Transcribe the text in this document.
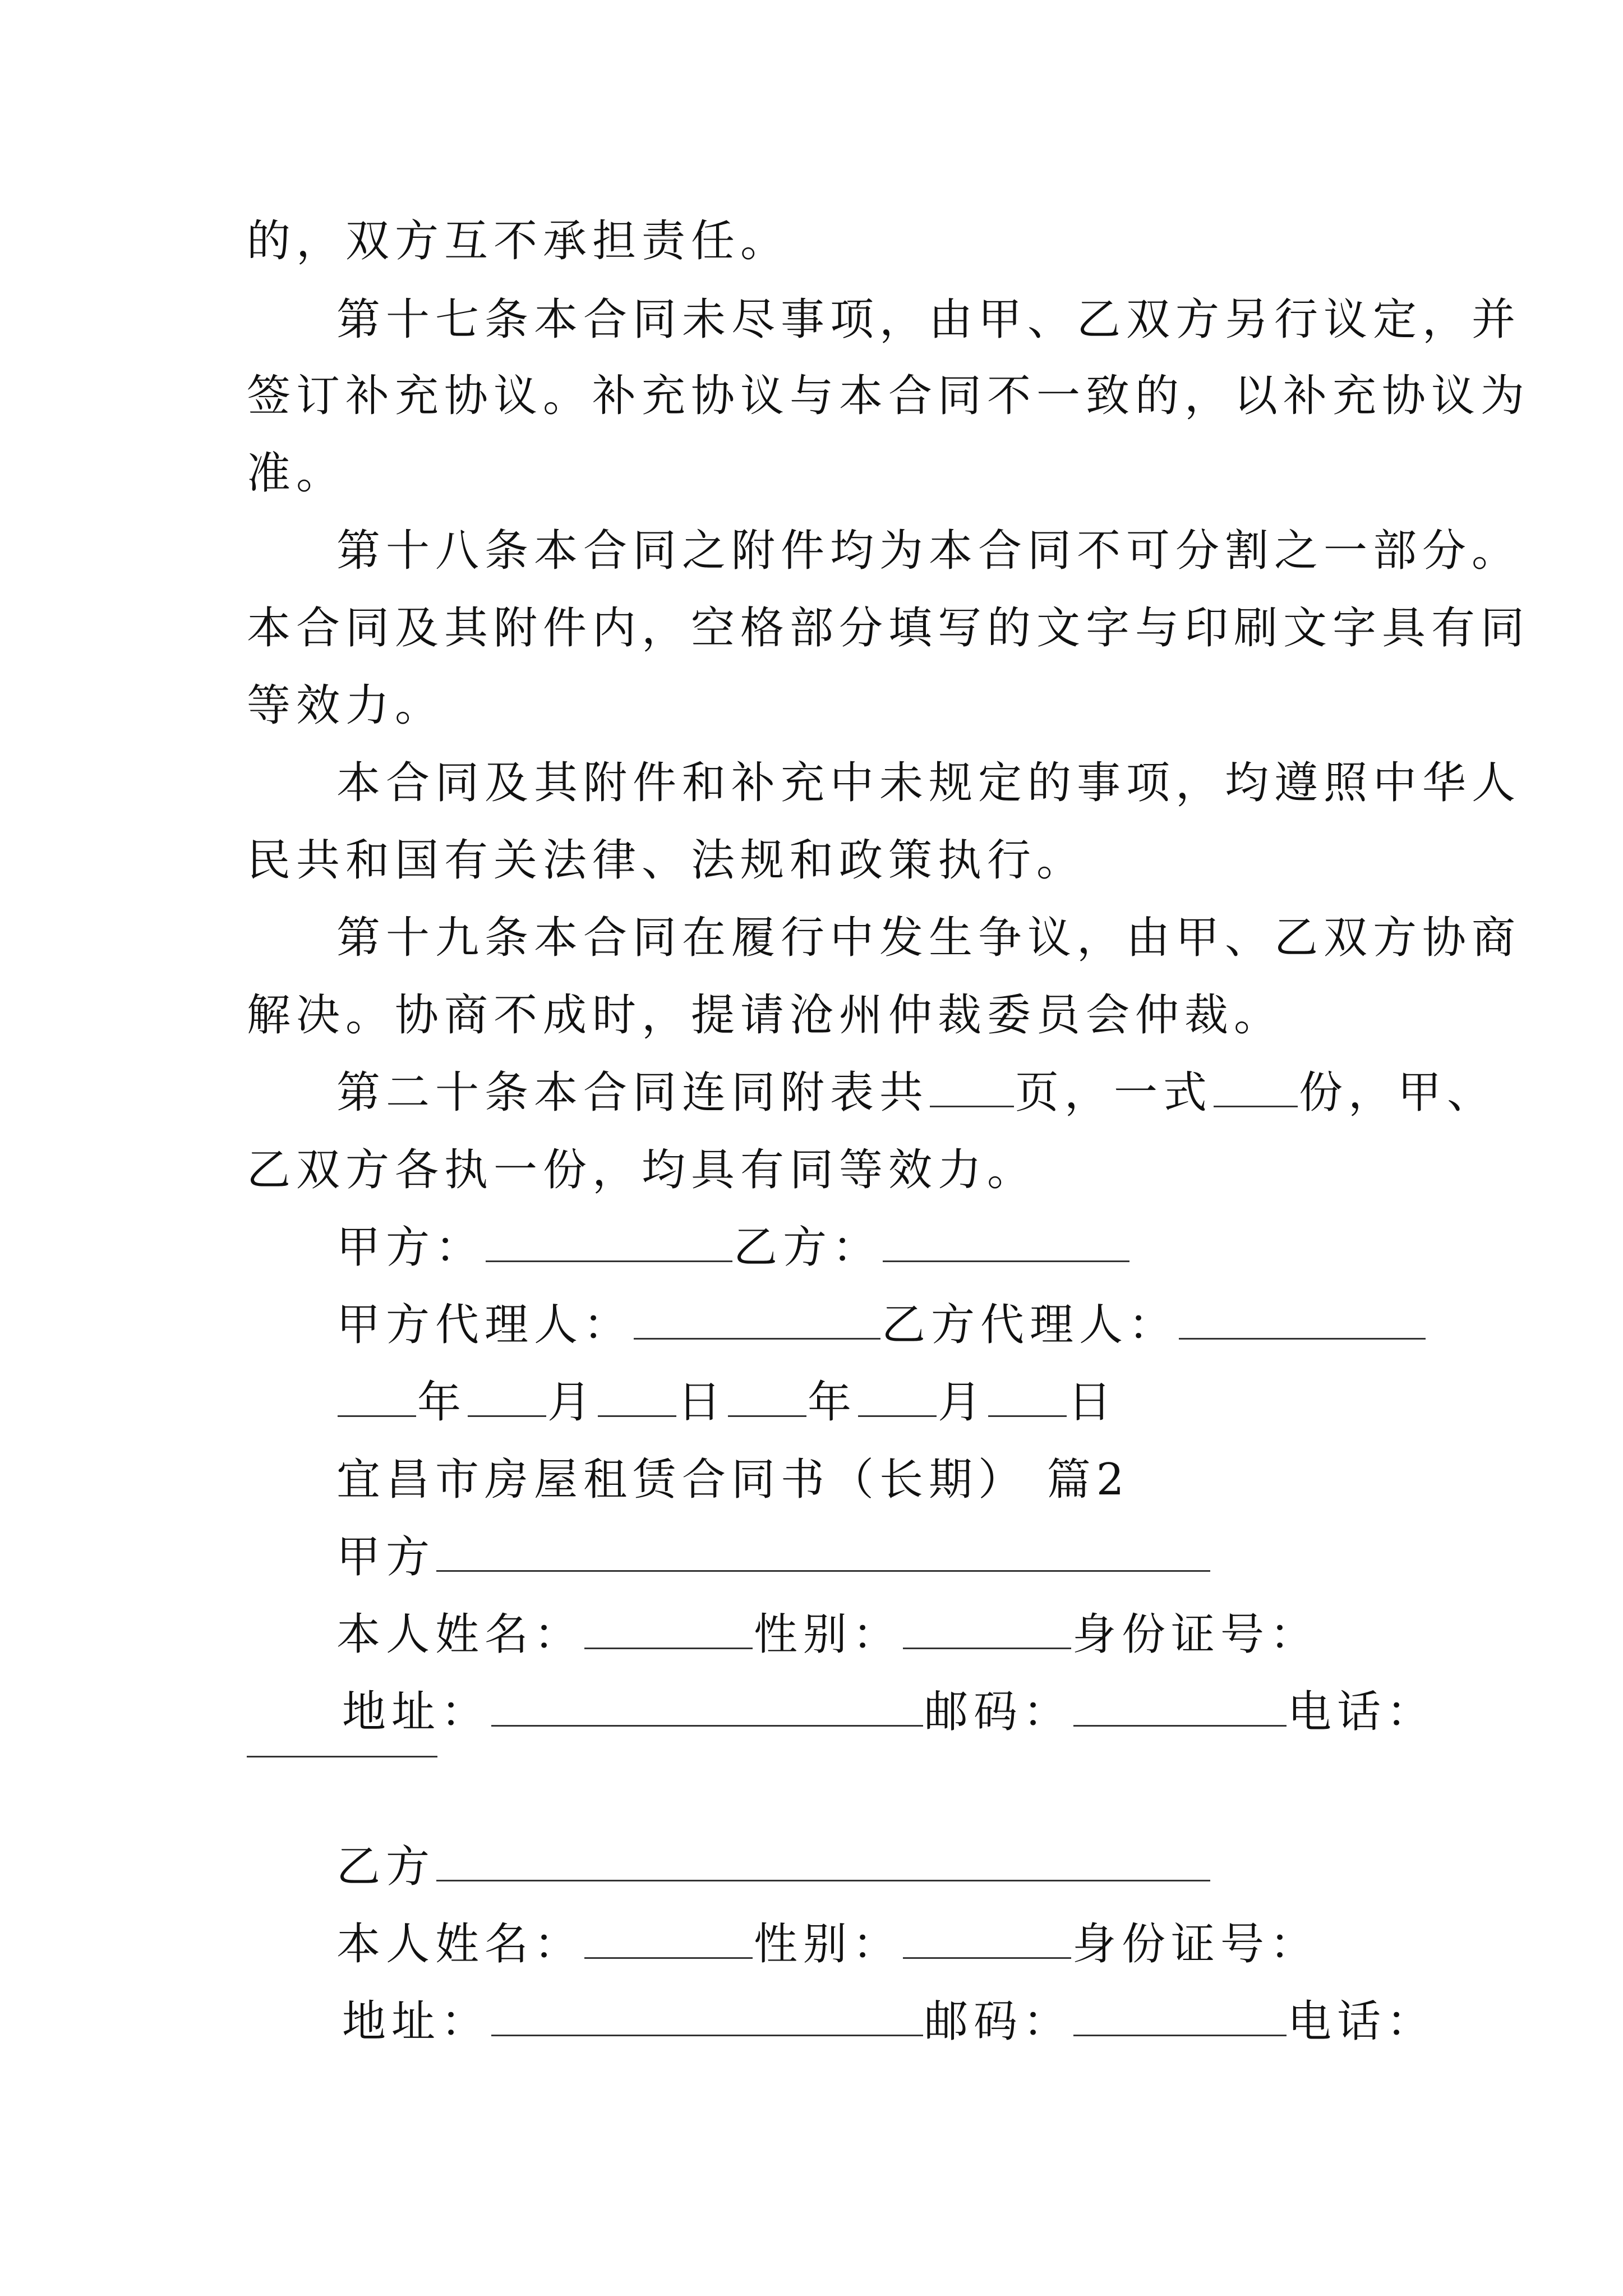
的，双方互不承担责任。
第十七条本合同未尽事项，由甲、乙双方另行议定，并
签订补充协议。补充协议与本合同不一致的，以补充协议为
准。
第十八条本合同之附件均为本合同不可分割之一部分。
本合同及其附件内，空格部分填写的文字与印刷文字具有同
等效力。
本合同及其附件和补充中未规定的事项，均遵照中华人
民共和国有关法律、法规和政策执行。
第十九条本合同在履行中发生争议，由甲、乙双方协商
解决。协商不成时，提请沧州仲裁委员会仲裁。
第二十条本合同连同附表共 页，一式 份，甲、
乙双方各执一份，均具有同等效力。
甲方：	乙方：
甲方代理人：	乙方代理人：
年 月 日 年 月 日
宜昌市房屋租赁合同书（长期） 篇2
甲方
本人姓名：	性别：	身份证号：
地址：	邮码：	电话：
乙方
本人姓名：	性别：	身份证号：
地址：	邮码：	电话：
